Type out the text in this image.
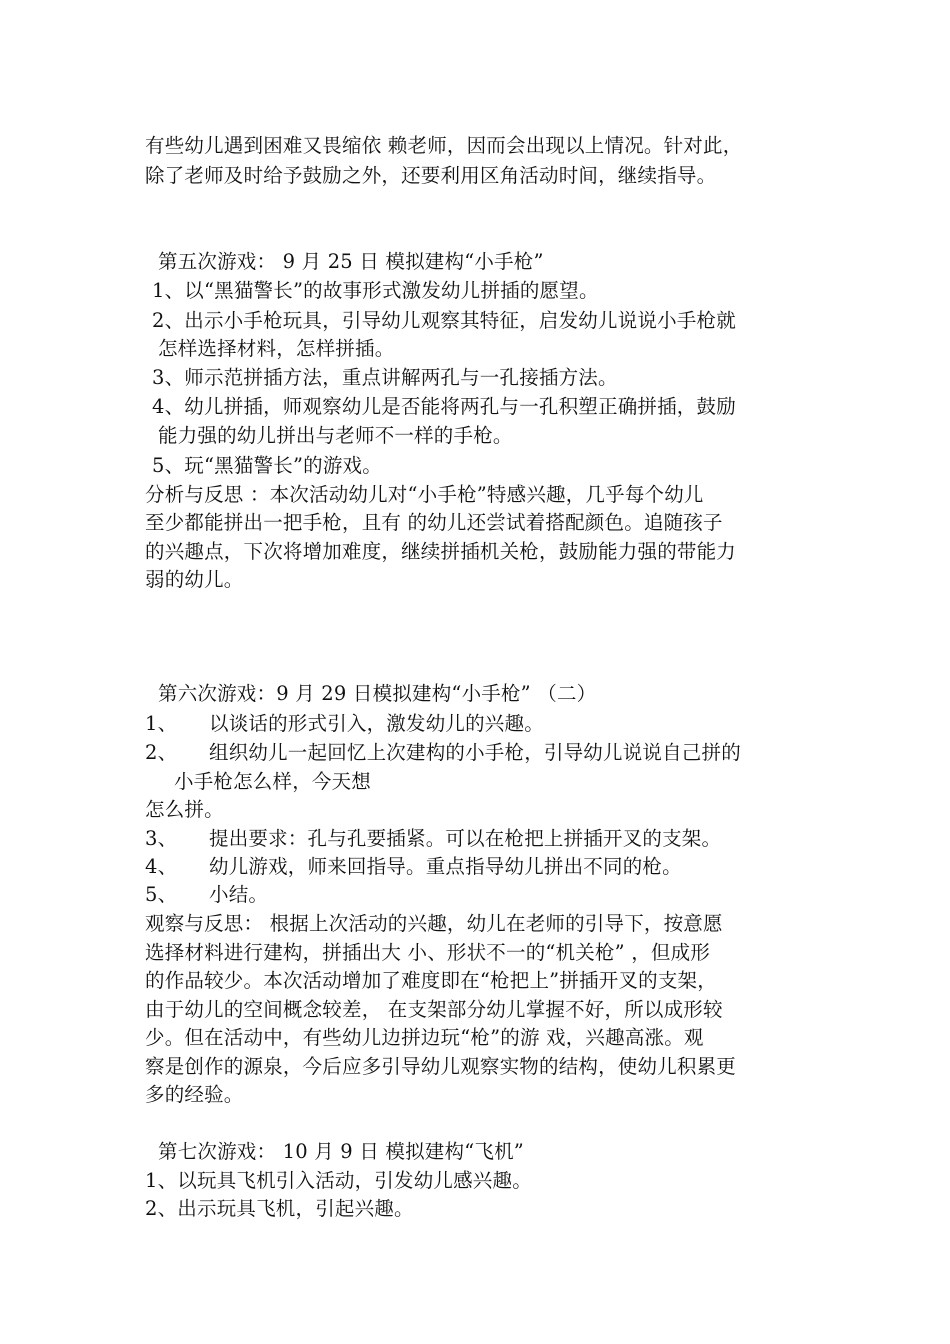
有些幼儿遇到困难又畏缩依 赖老师，因而会出现以上情况。针对此，
除了老师及时给予鼓励之外，还要利用区角活动时间，继续指导。
第五次游戏： 9 月 25 日 模拟建构“小手枪”
1、以“黑猫警长”的故事形式激发幼儿拼插的愿望。
2、出示小手枪玩具，引导幼儿观察其特征，启发幼儿说说小手枪就
怎样选择材料，怎样拼插。
3、师示范拼插方法，重点讲解两孔与一孔接插方法。
4、幼儿拼插，师观察幼儿是否能将两孔与一孔积塑正确拼插，鼓励
能力强的幼儿拼出与老师不一样的手枪。
5、玩“黑猫警长”的游戏。
分析与反思 ：本次活动幼儿对“小手枪”特感兴趣，几乎每个幼儿
至少都能拼出一把手枪，且有 的幼儿还尝试着搭配颜色。追随孩子
的兴趣点，下次将增加难度，继续拼插机关枪，鼓励能力强的带能力
弱的幼儿。
第六次游戏：9 月 29 日模拟建构“小手枪” （二）
1、 以谈话的形式引入，激发幼儿的兴趣。
2、 组织幼儿一起回忆上次建构的小手枪，引导幼儿说说自己拼的
小手枪怎么样，今天想
怎么拼。
3、 提出要求：孔与孔要插紧。可以在枪把上拼插开叉的支架。
4、 幼儿游戏，师来回指导。重点指导幼儿拼出不同的枪。
5、 小结。
观察与反思： 根据上次活动的兴趣，幼儿在老师的引导下，按意愿
选择材料进行建构，拼插出大 小、形状不一的“机关枪” ，但成形
的作品较少。本次活动增加了难度即在“枪把上”拼插开叉的支架，
由于幼儿的空间概念较差， 在支架部分幼儿掌握不好，所以成形较
少。但在活动中，有些幼儿边拼边玩“枪”的游 戏，兴趣高涨。观
察是创作的源泉，今后应多引导幼儿观察实物的结构，使幼儿积累更
多的经验。
第七次游戏： 10 月 9 日 模拟建构“飞机”
1、以玩具飞机引入活动，引发幼儿感兴趣。
2、出示玩具飞机，引起兴趣。
